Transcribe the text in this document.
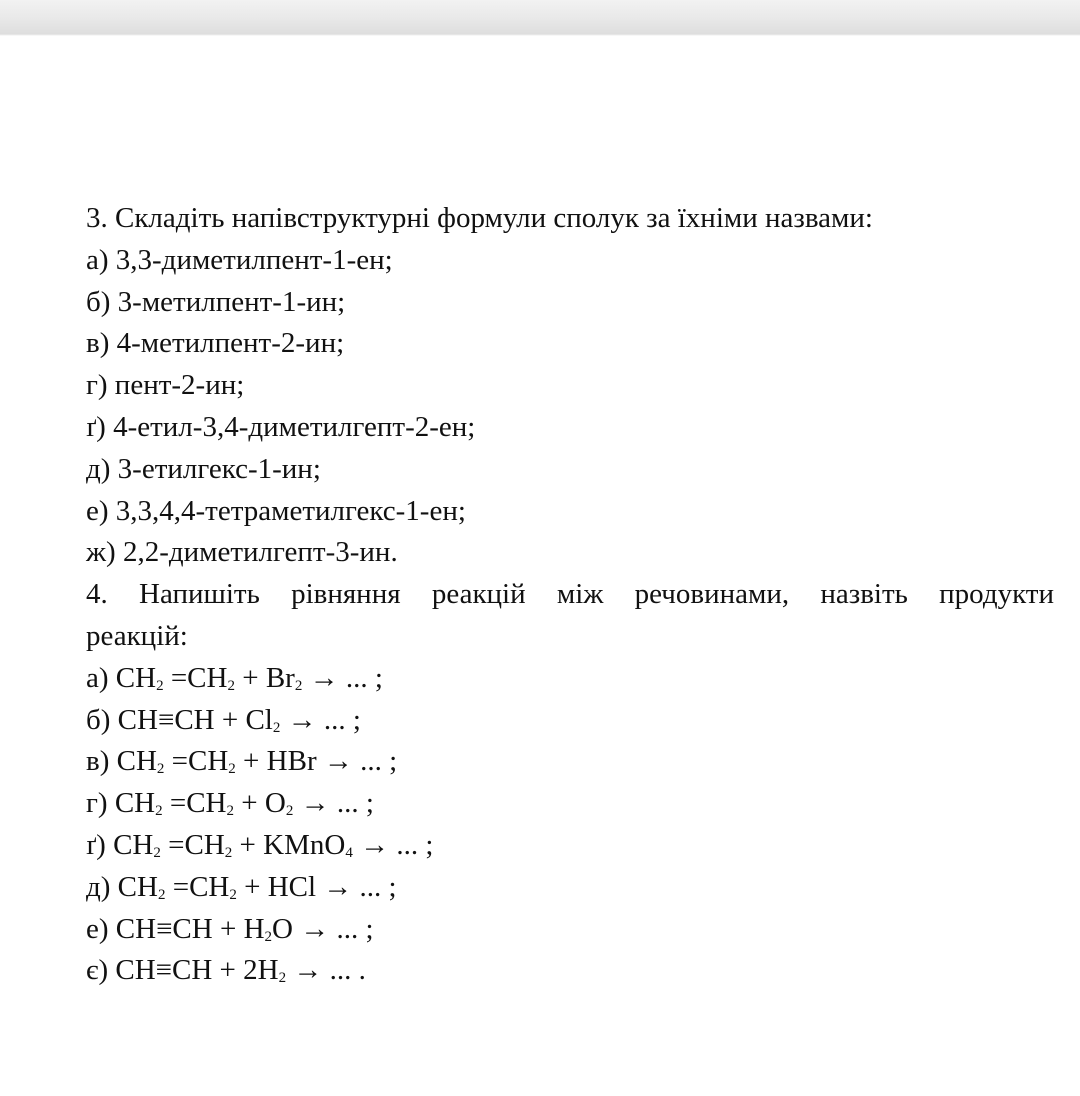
3. Складіть напівструктурні формули сполук за їхніми назвами:
а) 3,3-диметилпент-1-ен;
б) 3-метилпент-1-ин;
в) 4-метилпент-2-ин;
г) пент-2-ин;
ґ) 4-етил-3,4-диметилгепт-2-ен;
д) 3-етилгекс-1-ин;
е) 3,3,4,4-тетраметилгекс-1-ен;
ж) 2,2-диметилгепт-3-ин.
4. Напишіть рівняння реакцій між речовинами, назвіть продукти
реакцій:
а) $CH_2 =CH_2 + Br_2$ → ... ;
б) $CH\equiv CH + Cl_2$ → ... ;
в) $CH_2 =CH_2$ + HBr → ... ;
г) $CH_2 =CH_2 + O_2$ → ... ;
ґ) $CH_2 =CH_2$ + KMnO$_4$ → ... ;
д) $CH_2 =CH_2$ + HCl → ... ;
е) $CH\equiv CH + H_2O$ → ... ;
є) $CH\equiv CH + 2H_2$ → ... .
